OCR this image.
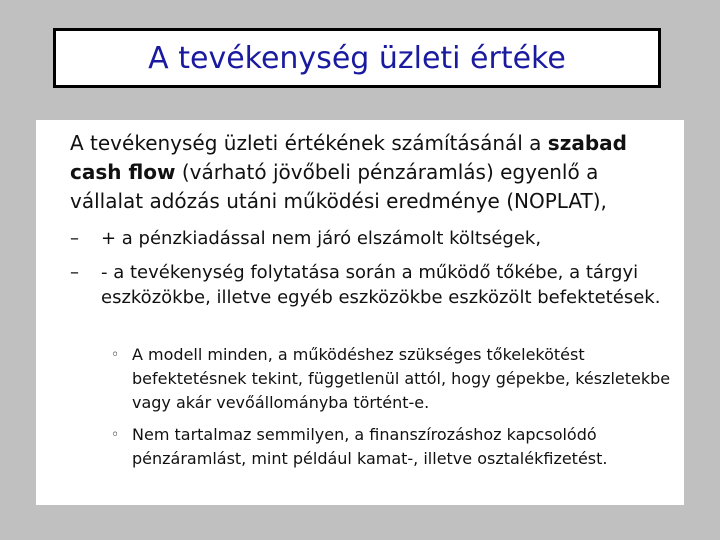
A tevékenység üzleti értéke

A tevékenység üzleti értékének számításánál a szabad cash flow (várható jövőbeli pénzáramlás) egyenlő a vállalat adózás utáni működési eredménye (NOPLAT),

– + a pénzkiadással nem járó elszámolt költségek,

– - a tevékenység folytatása során a működő tőkébe, a tárgyi eszközökbe, illetve egyéb eszközökbe eszközölt befektetések.

◦ A modell minden, a működéshez szükséges tőkelekötést befektetésnek tekint, függetlenül attól, hogy gépekbe, készletekbe vagy akár vevőállományba történt-e.

◦ Nem tartalmaz semmilyen, a finanszírozáshoz kapcsolódó pénzáramlást, mint például kamat-, illetve osztalékfizetést.
